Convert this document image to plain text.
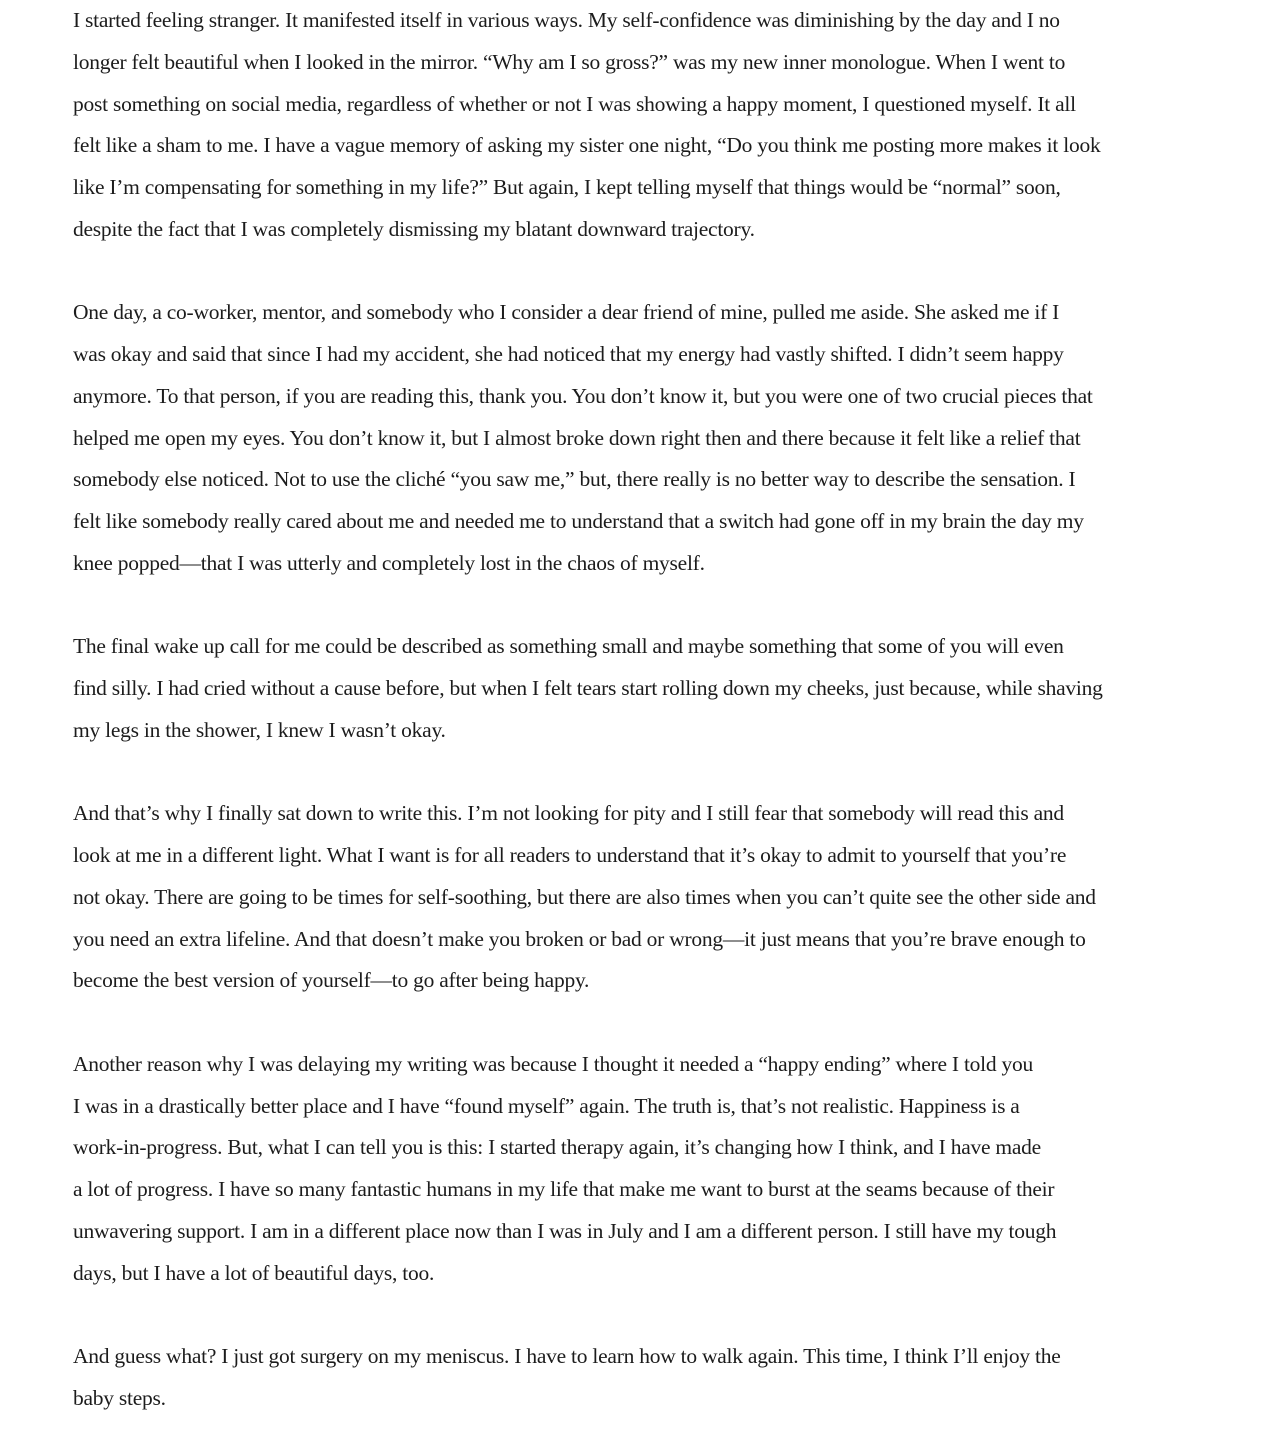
I started feeling stranger. It manifested itself in various ways. My self-confidence was diminishing by the day and I no
longer felt beautiful when I looked in the mirror. “Why am I so gross?” was my new inner monologue. When I went to
post something on social media, regardless of whether or not I was showing a happy moment, I questioned myself. It all
felt like a sham to me. I have a vague memory of asking my sister one night, “Do you think me posting more makes it look
like I’m compensating for something in my life?” But again, I kept telling myself that things would be “normal” soon,
despite the fact that I was completely dismissing my blatant downward trajectory.

One day, a co-worker, mentor, and somebody who I consider a dear friend of mine, pulled me aside. She asked me if I
was okay and said that since I had my accident, she had noticed that my energy had vastly shifted. I didn’t seem happy
anymore. To that person, if you are reading this, thank you. You don’t know it, but you were one of two crucial pieces that
helped me open my eyes. You don’t know it, but I almost broke down right then and there because it felt like a relief that
somebody else noticed. Not to use the cliché “you saw me,” but, there really is no better way to describe the sensation. I
felt like somebody really cared about me and needed me to understand that a switch had gone off in my brain the day my
knee popped—that I was utterly and completely lost in the chaos of myself.

The final wake up call for me could be described as something small and maybe something that some of you will even
find silly. I had cried without a cause before, but when I felt tears start rolling down my cheeks, just because, while shaving
my legs in the shower, I knew I wasn’t okay.

And that’s why I finally sat down to write this. I’m not looking for pity and I still fear that somebody will read this and
look at me in a different light. What I want is for all readers to understand that it’s okay to admit to yourself that you’re
not okay. There are going to be times for self-soothing, but there are also times when you can’t quite see the other side and
you need an extra lifeline. And that doesn’t make you broken or bad or wrong—it just means that you’re brave enough to
become the best version of yourself—to go after being happy.

Another reason why I was delaying my writing was because I thought it needed a “happy ending” where I told you
I was in a drastically better place and I have “found myself” again. The truth is, that’s not realistic. Happiness is a
work-in-progress. But, what I can tell you is this: I started therapy again, it’s changing how I think, and I have made
a lot of progress. I have so many fantastic humans in my life that make me want to burst at the seams because of their
unwavering support. I am in a different place now than I was in July and I am a different person. I still have my tough
days, but I have a lot of beautiful days, too.

And guess what? I just got surgery on my meniscus. I have to learn how to walk again. This time, I think I’ll enjoy the
baby steps.
